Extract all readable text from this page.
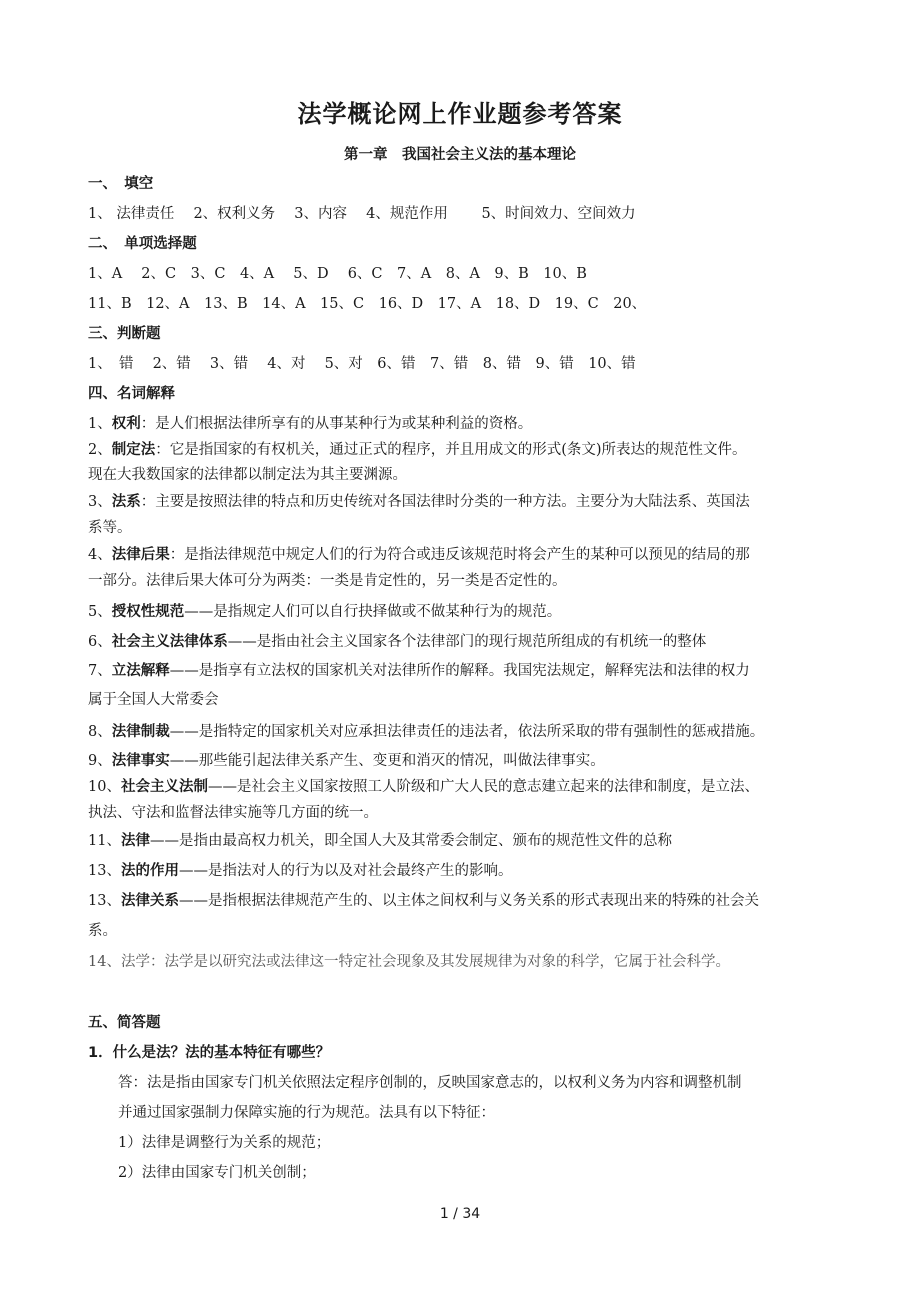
法学概论网上作业题参考答案
第一章　我国社会主义法的基本理论
一、　填空
1、 法律责任　 2、权利义务　 3、内容　 4、规范作用　　 5、时间效力、空间效力
二、　单项选择题
1、A　 2、C　3、C　4、A　 5、D　 6、C　7、A　8、A　9、B　10、B
11、B　12、A　13、B　14、A　15、C　16、D　17、A　18、D　19、C　20、
三、判断题
1、　错　 2、错　 3、错　 4、对　 5、对　6、错　7、错　8、错　9、错　10、错
四、名词解释
1、权利：是人们根据法律所享有的从事某种行为或某种利益的资格。
2、制定法：它是指国家的有权机关，通过正式的程序，并且用成文的形式(条文)所表达的规范性文件。
现在大我数国家的法律都以制定法为其主要渊源。
3、法系：主要是按照法律的特点和历史传统对各国法律时分类的一种方法。主要分为大陆法系、英国法
系等。
4、法律后果：是指法律规范中规定人们的行为符合或违反该规范时将会产生的某种可以预见的结局的那
一部分。法律后果大体可分为两类：一类是肯定性的，另一类是否定性的。
5、授权性规范——是指规定人们可以自行抉择做或不做某种行为的规范。
6、社会主义法律体系——是指由社会主义国家各个法律部门的现行规范所组成的有机统一的整体
7、立法解释——是指享有立法权的国家机关对法律所作的解释。我国宪法规定，解释宪法和法律的权力
属于全国人大常委会
8、法律制裁——是指特定的国家机关对应承担法律责任的违法者，依法所采取的带有强制性的惩戒措施。
9、法律事实——那些能引起法律关系产生、变更和消灭的情况，叫做法律事实。
10、社会主义法制——是社会主义国家按照工人阶级和广大人民的意志建立起来的法律和制度，是立法、
执法、守法和监督法律实施等几方面的统一。
11、法律——是指由最高权力机关，即全国人大及其常委会制定、颁布的规范性文件的总称
13、法的作用——是指法对人的行为以及对社会最终产生的影响。
13、法律关系——是指根据法律规范产生的、以主体之间权利与义务关系的形式表现出来的特殊的社会关
系。
14、法学：法学是以研究法或法律这一特定社会现象及其发展规律为对象的科学，它属于社会科学。
五、简答题
1．什么是法？法的基本特征有哪些？
答：法是指由国家专门机关依照法定程序创制的，反映国家意志的，以权利义务为内容和调整机制
并通过国家强制力保障实施的行为规范。法具有以下特征：
1）法律是调整行为关系的规范；
2）法律由国家专门机关创制；
1 / 34
